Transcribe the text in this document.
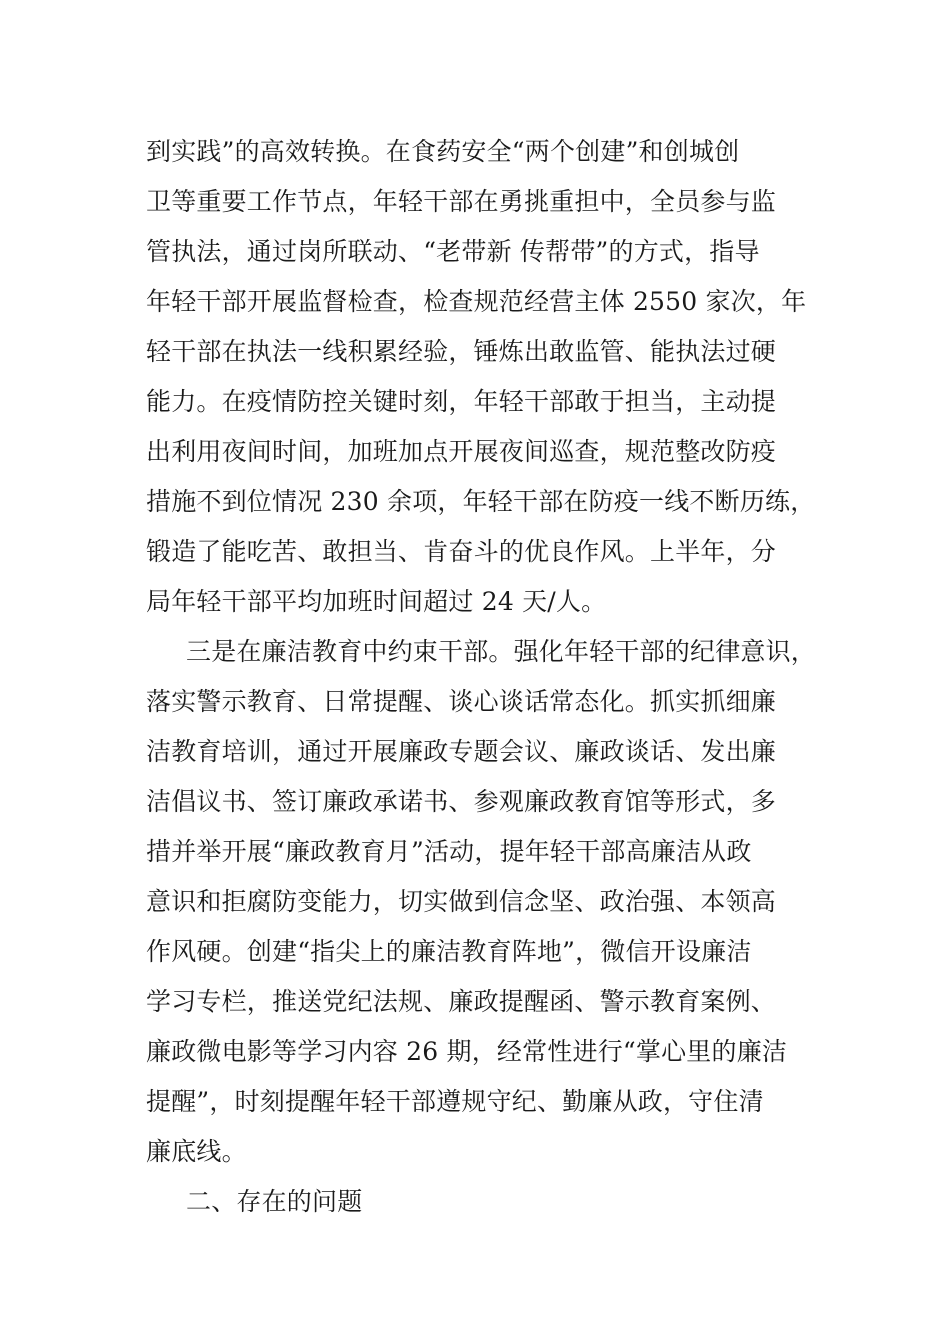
到实践”的高效转换。在食药安全“两个创建”和创城创
卫等重要工作节点，年轻干部在勇挑重担中，全员参与监
管执法，通过岗所联动、“老带新 传帮带”的方式，指导
年轻干部开展监督检查，检查规范经营主体 2550 家次，年
轻干部在执法一线积累经验，锤炼出敢监管、能执法过硬
能力。在疫情防控关键时刻，年轻干部敢于担当，主动提
出利用夜间时间，加班加点开展夜间巡查，规范整改防疫
措施不到位情况 230 余项，年轻干部在防疫一线不断历练，
锻造了能吃苦、敢担当、肯奋斗的优良作风。上半年，分
局年轻干部平均加班时间超过 24 天/人。
三是在廉洁教育中约束干部。强化年轻干部的纪律意识，
落实警示教育、日常提醒、谈心谈话常态化。抓实抓细廉
洁教育培训，通过开展廉政专题会议、廉政谈话、发出廉
洁倡议书、签订廉政承诺书、参观廉政教育馆等形式，多
措并举开展“廉政教育月”活动，提年轻干部高廉洁从政
意识和拒腐防变能力，切实做到信念坚、政治强、本领高
作风硬。创建“指尖上的廉洁教育阵地”，微信开设廉洁
学习专栏，推送党纪法规、廉政提醒函、警示教育案例、
廉政微电影等学习内容 26 期，经常性进行“掌心里的廉洁
提醒”，时刻提醒年轻干部遵规守纪、勤廉从政，守住清
廉底线。
二、存在的问题
